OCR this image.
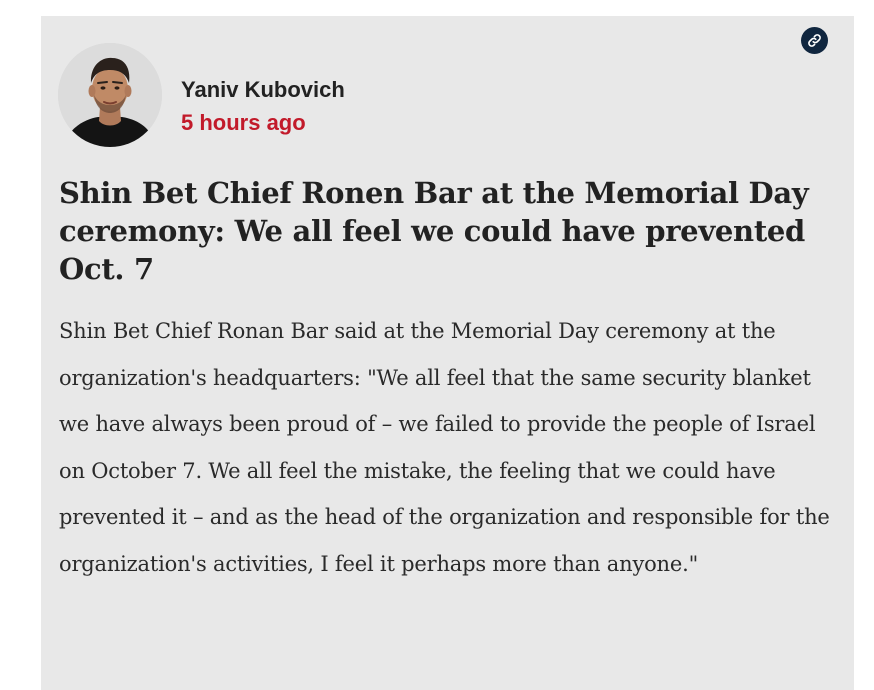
Yaniv Kubovich
5 hours ago
Shin Bet Chief Ronen Bar at the Memorial Day ceremony: We all feel we could have prevented Oct. 7

Shin Bet Chief Ronan Bar said at the Memorial Day ceremony at the organization's headquarters: "We all feel that the same security blanket we have always been proud of – we failed to provide the people of Israel on October 7. We all feel the mistake, the feeling that we could have prevented it – and as the head of the organization and responsible for the organization's activities, I feel it perhaps more than anyone."
